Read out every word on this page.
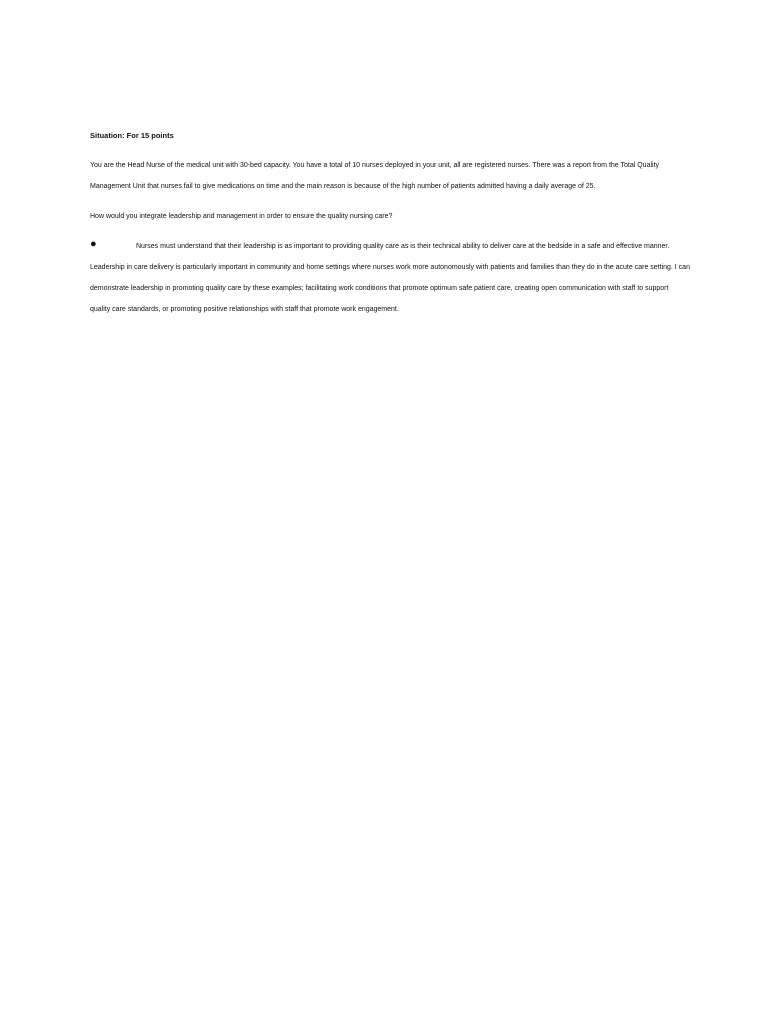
Situation: For 15 points

You are the Head Nurse of the medical unit with 30-bed capacity. You have a total of 10 nurses deployed in your unit, all are registered nurses. There was a report from the Total Quality Management Unit that nurses fail to give medications on time and the main reason is because of the high number of patients admitted having a daily average of 25.

How would you integrate leadership and management in order to ensure the quality nursing care?

●	Nurses must understand that their leadership is as important to providing quality care as is their technical ability to deliver care at the bedside in a safe and effective manner. Leadership in care delivery is particularly important in community and home settings where nurses work more autonomously with patients and families than they do in the acute care setting. I can demonstrate leadership in promoting quality care by these examples; facilitating work conditions that promote optimum safe patient care, creating open communication with staff to support quality care standards, or promoting positive relationships with staff that promote work engagement.
